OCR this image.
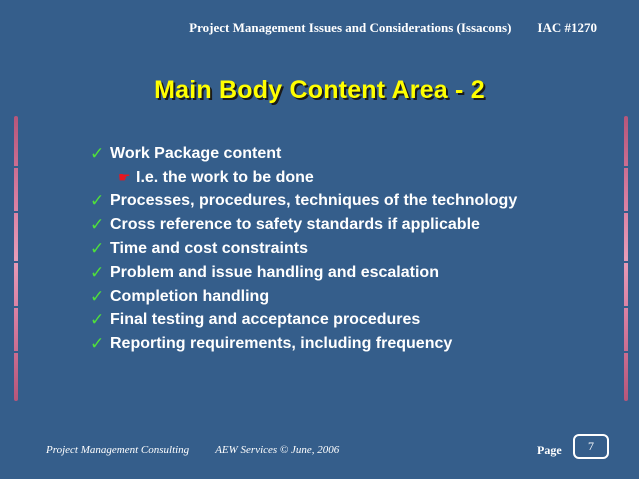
Project Management Issues and Considerations (Issacons) IAC #1270
Main Body Content Area - 2
✓ Work Package content
☛ I.e. the work to be done
✓ Processes, procedures, techniques of the technology
✓ Cross reference to safety standards if applicable
✓ Time and cost constraints
✓ Problem and issue handling and escalation
✓ Completion handling
✓ Final testing and acceptance procedures
✓ Reporting requirements, including frequency
Project Management Consulting AEW Services © June, 2006	Page 7
